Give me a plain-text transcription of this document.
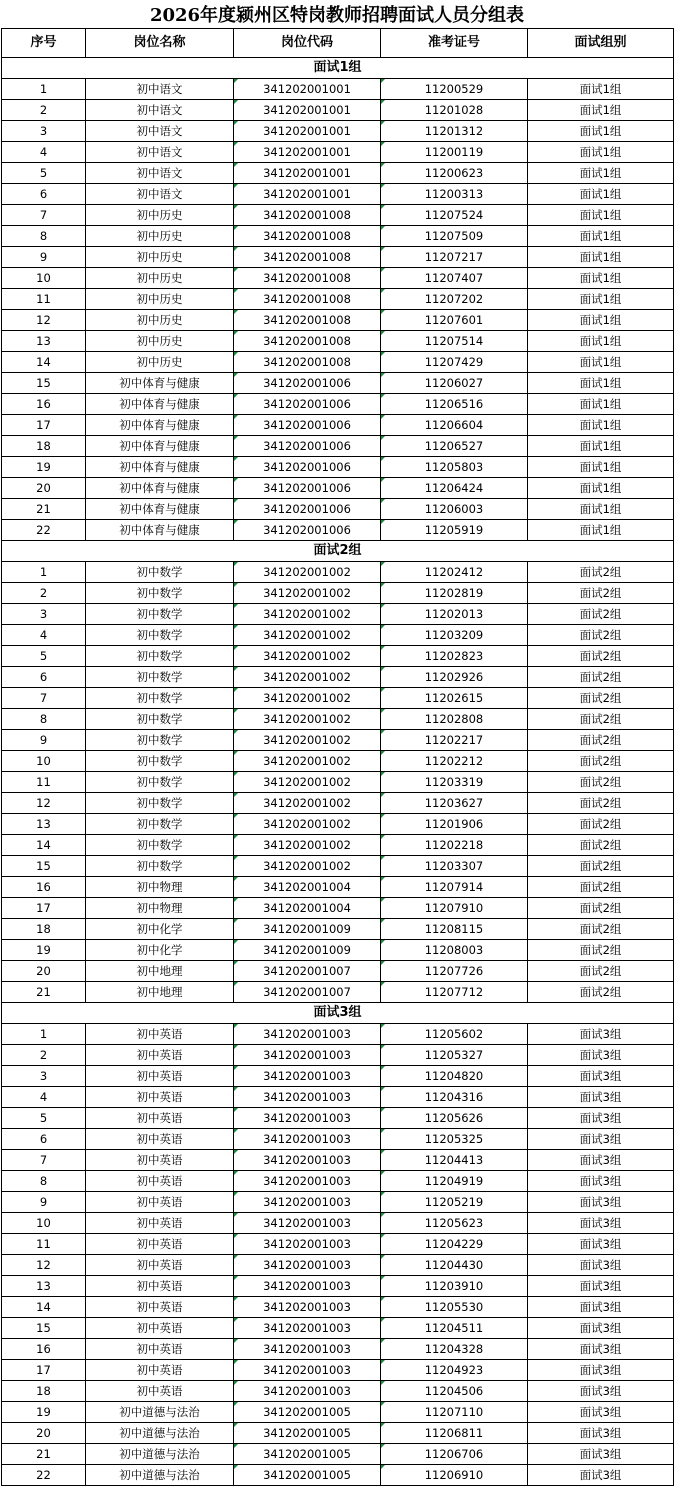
2026年度颍州区特岗教师招聘面试人员分组表
序号	岗位名称	岗位代码	准考证号	面试组别
面试1组				
1	初中语文	341202001001	11200529	面试1组
2	初中语文	341202001001	11201028	面试1组
3	初中语文	341202001001	11201312	面试1组
4	初中语文	341202001001	11200119	面试1组
5	初中语文	341202001001	11200623	面试1组
6	初中语文	341202001001	11200313	面试1组
7	初中历史	341202001008	11207524	面试1组
8	初中历史	341202001008	11207509	面试1组
9	初中历史	341202001008	11207217	面试1组
10	初中历史	341202001008	11207407	面试1组
11	初中历史	341202001008	11207202	面试1组
12	初中历史	341202001008	11207601	面试1组
13	初中历史	341202001008	11207514	面试1组
14	初中历史	341202001008	11207429	面试1组
15	初中体育与健康	341202001006	11206027	面试1组
16	初中体育与健康	341202001006	11206516	面试1组
17	初中体育与健康	341202001006	11206604	面试1组
18	初中体育与健康	341202001006	11206527	面试1组
19	初中体育与健康	341202001006	11205803	面试1组
20	初中体育与健康	341202001006	11206424	面试1组
21	初中体育与健康	341202001006	11206003	面试1组
22	初中体育与健康	341202001006	11205919	面试1组
面试2组				
1	初中数学	341202001002	11202412	面试2组
2	初中数学	341202001002	11202819	面试2组
3	初中数学	341202001002	11202013	面试2组
4	初中数学	341202001002	11203209	面试2组
5	初中数学	341202001002	11202823	面试2组
6	初中数学	341202001002	11202926	面试2组
7	初中数学	341202001002	11202615	面试2组
8	初中数学	341202001002	11202808	面试2组
9	初中数学	341202001002	11202217	面试2组
10	初中数学	341202001002	11202212	面试2组
11	初中数学	341202001002	11203319	面试2组
12	初中数学	341202001002	11203627	面试2组
13	初中数学	341202001002	11201906	面试2组
14	初中数学	341202001002	11202218	面试2组
15	初中数学	341202001002	11203307	面试2组
16	初中物理	341202001004	11207914	面试2组
17	初中物理	341202001004	11207910	面试2组
18	初中化学	341202001009	11208115	面试2组
19	初中化学	341202001009	11208003	面试2组
20	初中地理	341202001007	11207726	面试2组
21	初中地理	341202001007	11207712	面试2组
面试3组				
1	初中英语	341202001003	11205602	面试3组
2	初中英语	341202001003	11205327	面试3组
3	初中英语	341202001003	11204820	面试3组
4	初中英语	341202001003	11204316	面试3组
5	初中英语	341202001003	11205626	面试3组
6	初中英语	341202001003	11205325	面试3组
7	初中英语	341202001003	11204413	面试3组
8	初中英语	341202001003	11204919	面试3组
9	初中英语	341202001003	11205219	面试3组
10	初中英语	341202001003	11205623	面试3组
11	初中英语	341202001003	11204229	面试3组
12	初中英语	341202001003	11204430	面试3组
13	初中英语	341202001003	11203910	面试3组
14	初中英语	341202001003	11205530	面试3组
15	初中英语	341202001003	11204511	面试3组
16	初中英语	341202001003	11204328	面试3组
17	初中英语	341202001003	11204923	面试3组
18	初中英语	341202001003	11204506	面试3组
19	初中道德与法治	341202001005	11207110	面试3组
20	初中道德与法治	341202001005	11206811	面试3组
21	初中道德与法治	341202001005	11206706	面试3组
22	初中道德与法治	341202001005	11206910	面试3组
